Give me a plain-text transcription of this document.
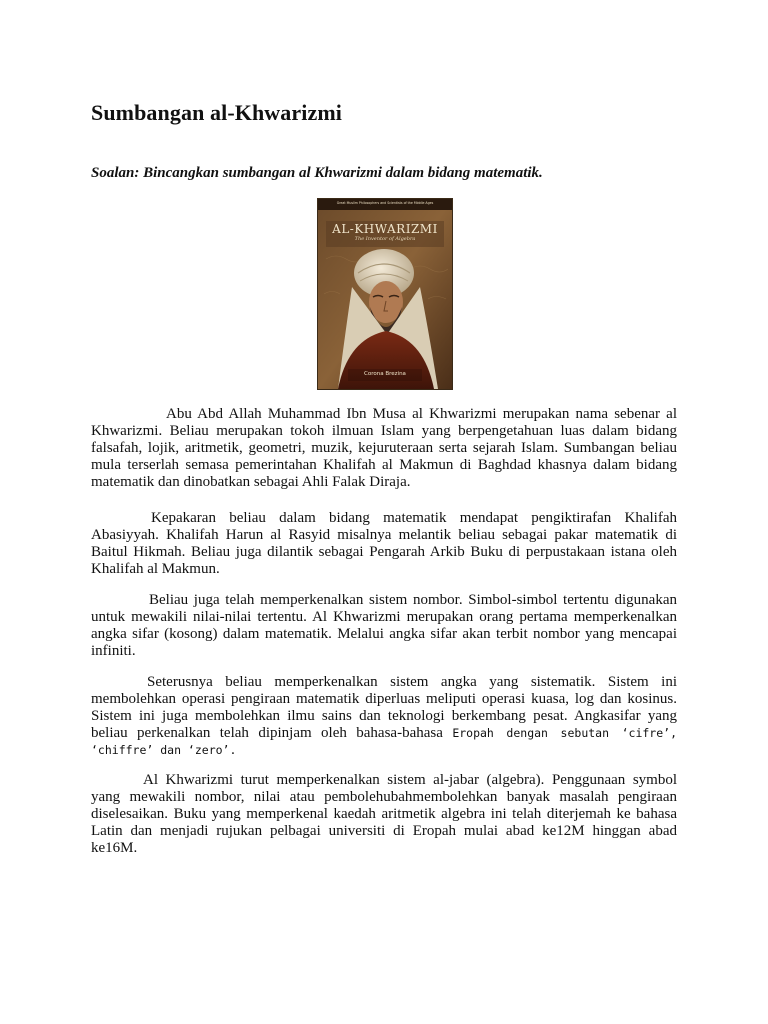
Sumbangan al-Khwarizmi

Soalan: Bincangkan sumbangan al Khwarizmi dalam bidang matematik.

Great Muslim Philosophers and Scientists of the Middle Ages
AL-KHWARIZMI
The Inventor of Algebra
Corona Brezina

Abu Abd Allah Muhammad Ibn Musa al Khwarizmi merupakan nama sebenar al Khwarizmi. Beliau merupakan tokoh ilmuan Islam yang berpengetahuan luas dalam bidang falsafah, lojik, aritmetik, geometri, muzik, kejuruteraan serta sejarah Islam. Sumbangan beliau mula terserlah semasa pemerintahan Khalifah al Makmun di Baghdad khasnya dalam bidang matematik dan dinobatkan sebagai Ahli Falak Diraja.

Kepakaran beliau dalam bidang matematik mendapat pengiktirafan Khalifah Abasiyyah. Khalifah Harun al Rasyid misalnya melantik beliau sebagai pakar matematik di Baitul Hikmah. Beliau juga dilantik sebagai Pengarah Arkib Buku di perpustakaan istana oleh Khalifah al Makmun.

Beliau juga telah memperkenalkan sistem nombor. Simbol-simbol tertentu digunakan untuk mewakili nilai-nilai tertentu. Al Khwarizmi merupakan orang pertama memperkenalkan angka sifar (kosong) dalam matematik. Melalui angka sifar akan terbit nombor yang mencapai infiniti.

Seterusnya beliau memperkenalkan sistem angka yang sistematik. Sistem ini membolehkan operasi pengiraan matematik diperluas meliputi operasi kuasa, log dan kosinus. Sistem ini juga membolehkan ilmu sains dan teknologi berkembang pesat. Angkasifar yang beliau perkenalkan telah dipinjam oleh bahasa-bahasa Eropah dengan sebutan ‘cifre’, ‘chiffre’ dan ‘zero’.

Al Khwarizmi turut memperkenalkan sistem al-jabar (algebra). Penggunaan symbol yang mewakili nombor, nilai atau pembolehubahmembolehkan banyak masalah pengiraan diselesaikan. Buku yang memperkenal kaedah aritmetik algebra ini telah diterjemah ke bahasa Latin dan menjadi rujukan pelbagai universiti di Eropah mulai abad ke12M hinggan abad ke16M.
